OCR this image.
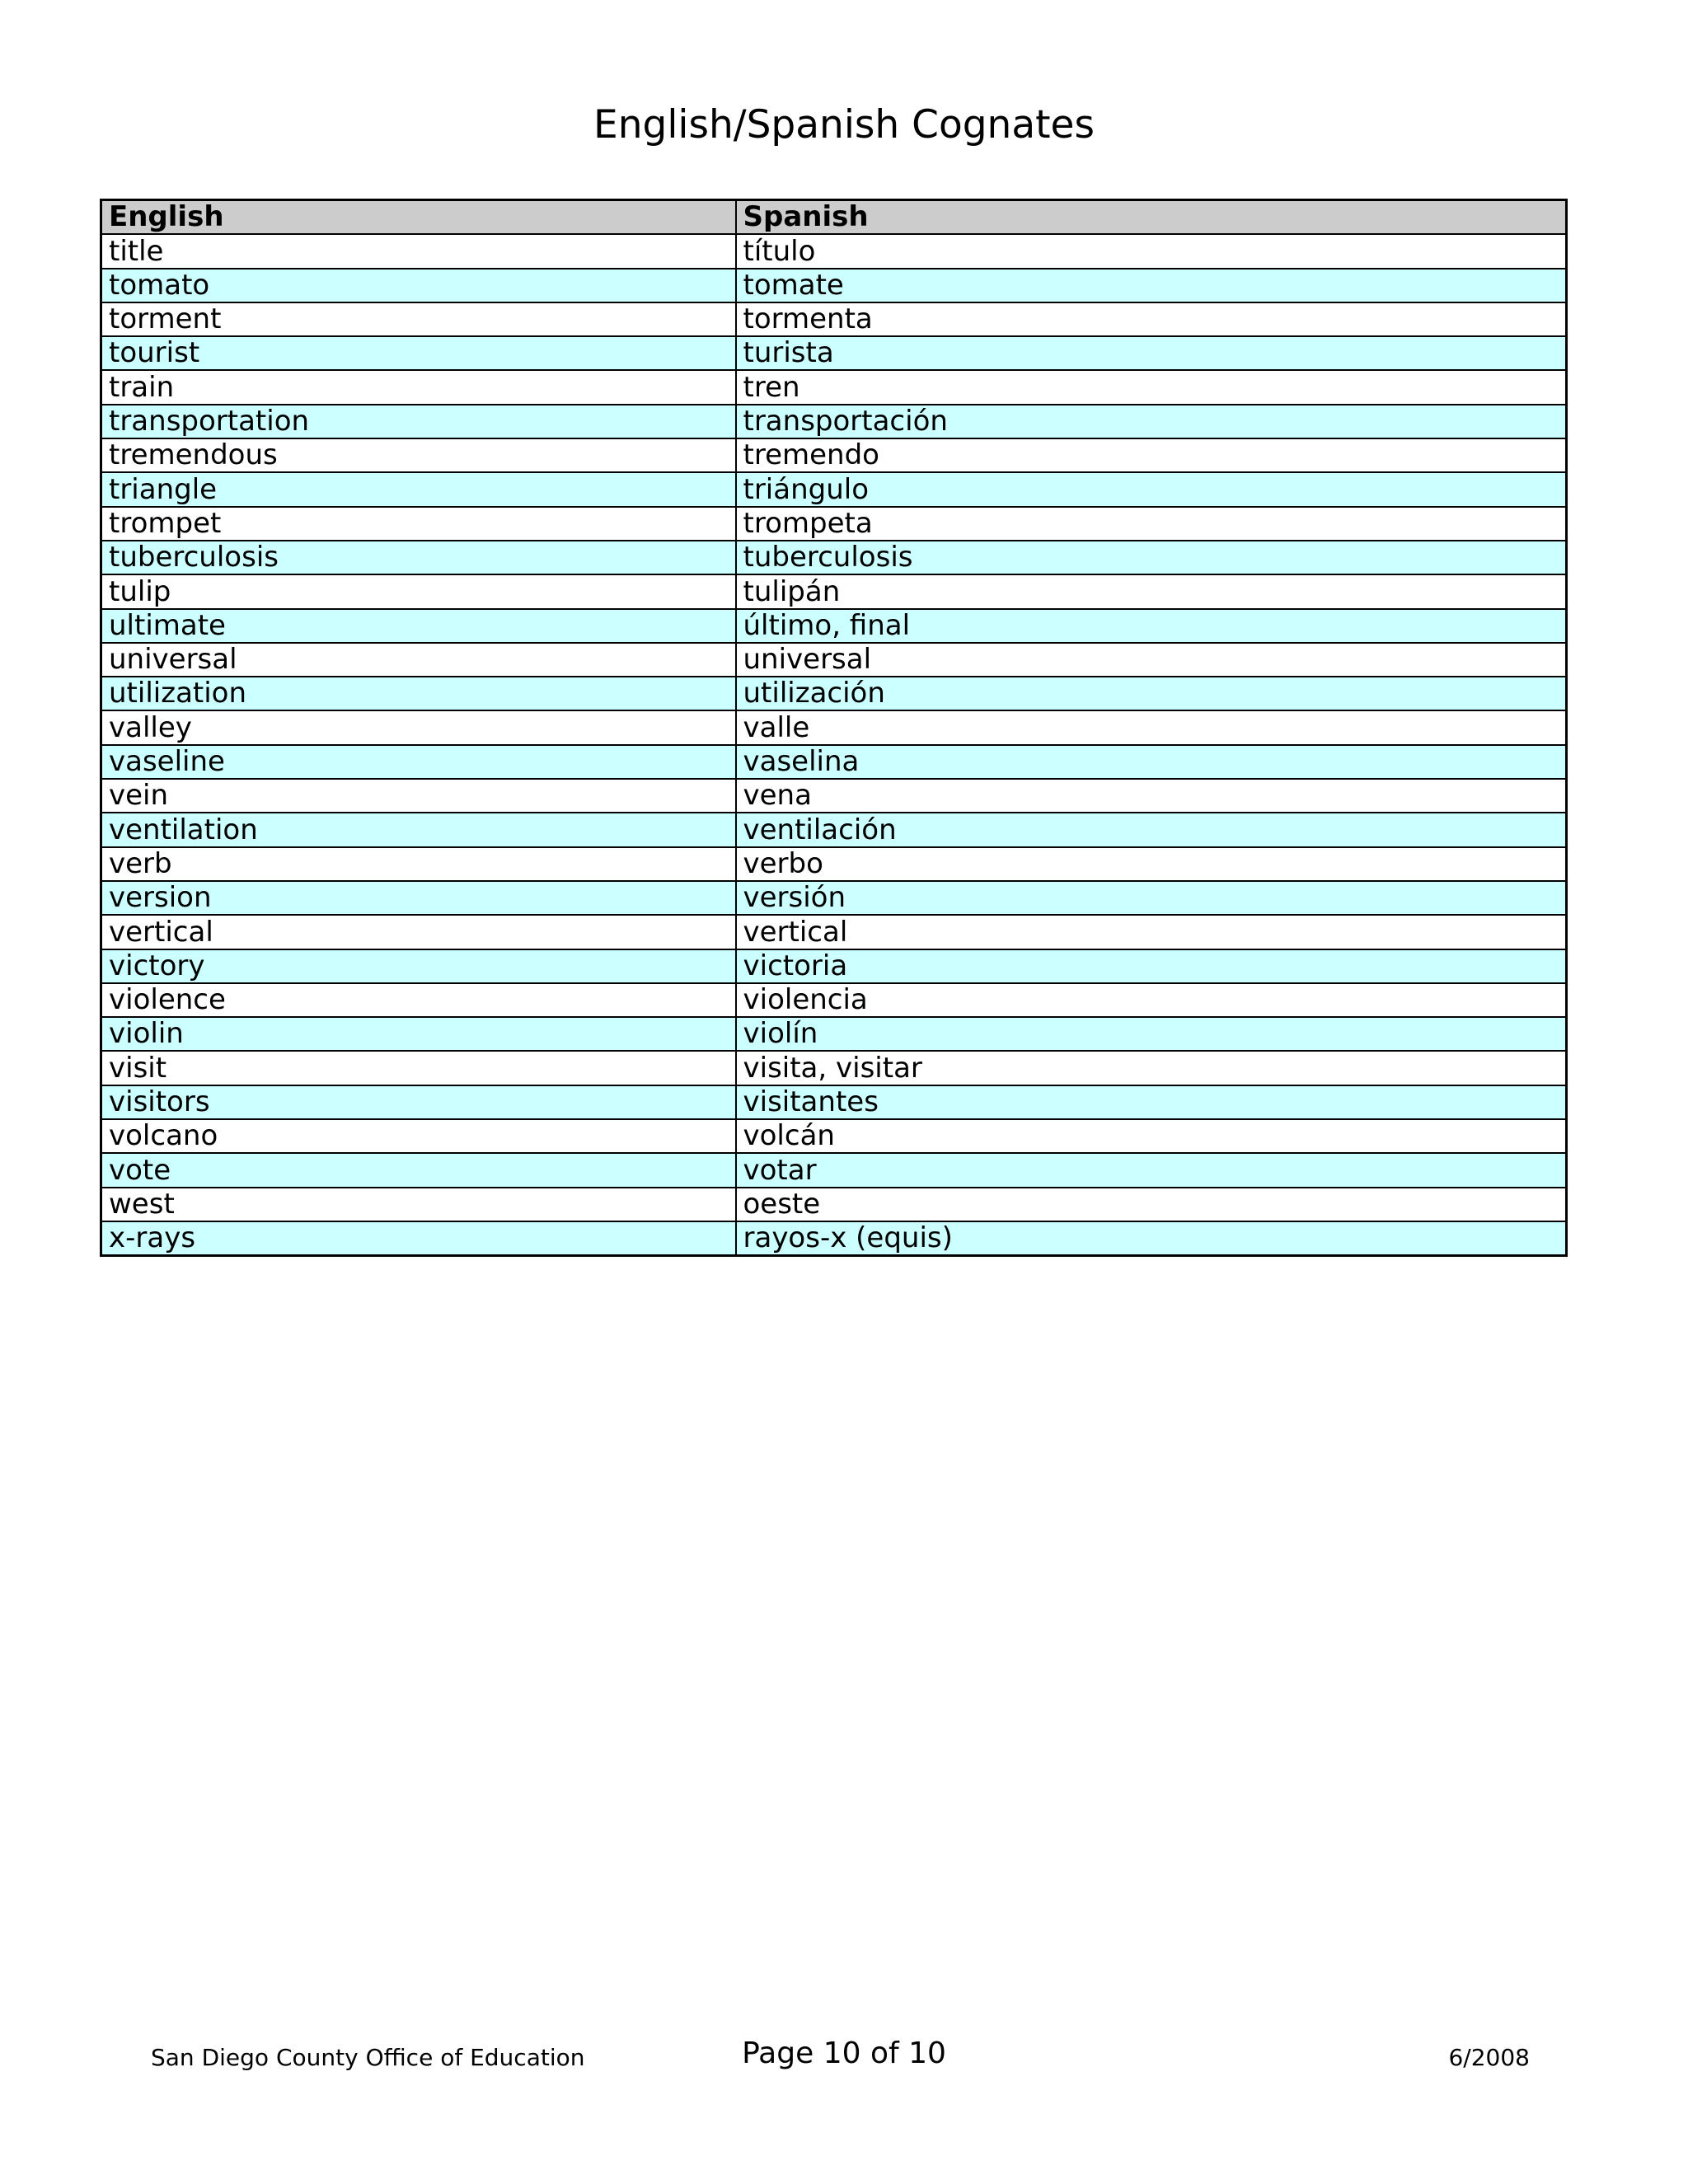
English/Spanish Cognates
English	Spanish
title	título
tomato	tomate
torment	tormenta
tourist	turista
train	tren
transportation	transportación
tremendous	tremendo
triangle	triángulo
trompet	trompeta
tuberculosis	tuberculosis
tulip	tulipán
ultimate	último, final
universal	universal
utilization	utilización
valley	valle
vaseline	vaselina
vein	vena
ventilation	ventilación
verb	verbo
version	versión
vertical	vertical
victory	victoria
violence	violencia
violin	violín
visit	visita, visitar
visitors	visitantes
volcano	volcán
vote	votar
west	oeste
x-rays	rayos-x (equis)
San Diego County Office of Education	Page 10 of 10	6/2008
